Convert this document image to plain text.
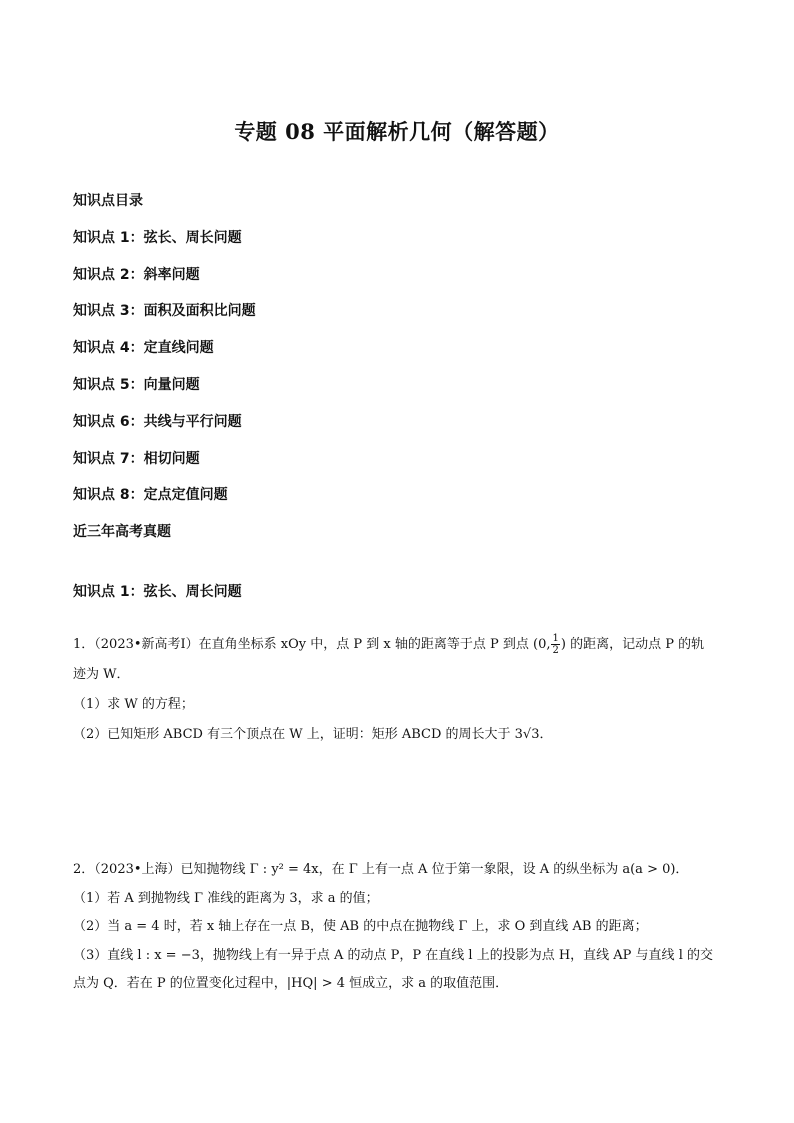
专题 08 平面解析几何（解答题）
知识点目录
知识点 1：弦长、周长问题
知识点 2：斜率问题
知识点 3：面积及面积比问题
知识点 4：定直线问题
知识点 5：向量问题
知识点 6：共线与平行问题
知识点 7：相切问题
知识点 8：定点定值问题
近三年高考真题
知识点 1：弦长、周长问题

1．（2023•新高考Ⅰ）在直角坐标系 xOy 中，点 P 到 x 轴的距离等于点 P 到点 (0, $\frac{1}{2}$ ) 的距离，记动点 P 的轨

迹为 W．

（1）求 W 的方程；

（2）已知矩形 ABCD 有三个顶点在 W 上，证明：矩形 ABCD 的周长大于 3√3．

2．（2023•上海）已知抛物线 Γ : y² = 4x，在 Γ 上有一点 A 位于第一象限，设 A 的纵坐标为 a(a > 0)．

（1）若 A 到抛物线 Γ 准线的距离为 3，求 a 的值；

（2）当 a = 4 时，若 x 轴上存在一点 B，使 AB 的中点在抛物线 Γ 上，求 O 到直线 AB 的距离；

（3）直线 l : x = −3，抛物线上有一异于点 A 的动点 P，P 在直线 l 上的投影为点 H，直线 AP 与直线 l 的交

点为 Q．若在 P 的位置变化过程中，|HQ| > 4 恒成立，求 a 的取值范围．
